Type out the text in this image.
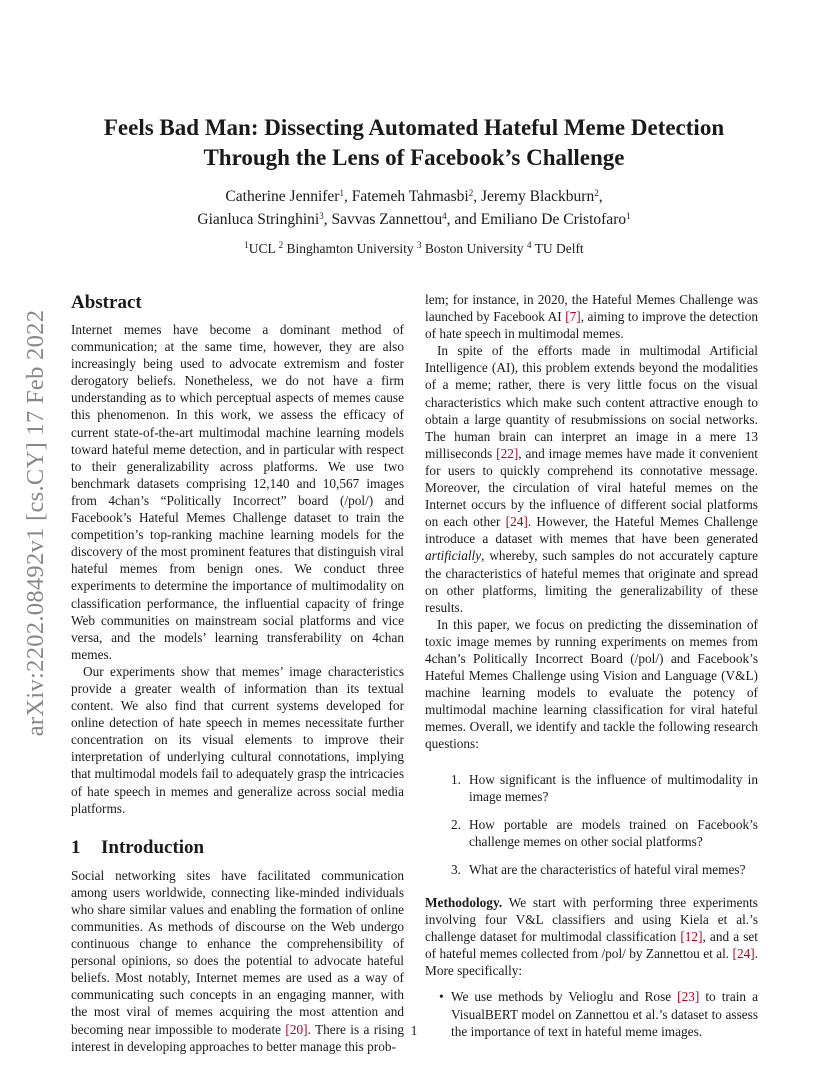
arXiv:2202.08492v1 [cs.CY] 17 Feb 2022
Feels Bad Man: Dissecting Automated Hateful Meme Detection
Through the Lens of Facebook’s Challenge
Catherine Jennifer$^1$, Fatemeh Tahmasbi$^2$, Jeremy Blackburn$^2$,
Gianluca Stringhini$^3$, Savvas Zannettou$^4$, and Emiliano De Cristofaro$^1$
$^1$UCL $^2$ Binghamton University $^3$ Boston University $^4$ TU Delft
Abstract

Internet memes have become a dominant method of communication; at the same time, however, they are also increasingly being used to advocate extremism and foster derogatory beliefs. Nonetheless, we do not have a firm understanding as to which perceptual aspects of memes cause this phenomenon. In this work, we assess the efficacy of current state-of-the-art multimodal machine learning models toward hateful meme detection, and in particular with respect to their generalizability across platforms. We use two benchmark datasets comprising 12,140 and 10,567 images from 4chan’s “Politically Incorrect” board (/pol/) and Facebook’s Hateful Memes Challenge dataset to train the competition’s top-ranking machine learning models for the discovery of the most prominent features that distinguish viral hateful memes from benign ones. We conduct three experiments to determine the importance of multimodality on classification performance, the influential capacity of fringe Web communities on mainstream social platforms and vice versa, and the models’ learning transferability on 4chan memes.

Our experiments show that memes’ image characteristics provide a greater wealth of information than its textual content. We also find that current systems developed for online detection of hate speech in memes necessitate further concentration on its visual elements to improve their interpretation of underlying cultural connotations, implying that multimodal models fail to adequately grasp the intricacies of hate speech in memes and generalize across social media platforms.

1 Introduction

Social networking sites have facilitated communication among users worldwide, connecting like-minded individuals who share similar values and enabling the formation of online communities. As methods of discourse on the Web undergo continuous change to enhance the comprehensibility of personal opinions, so does the potential to advocate hateful beliefs. Most notably, Internet memes are used as a way of communicating such concepts in an engaging manner, with the most viral of memes acquiring the most attention and becoming near impossible to moderate [20]. There is a rising interest in developing approaches to better manage this prob-

lem; for instance, in 2020, the Hateful Memes Challenge was launched by Facebook AI [7], aiming to improve the detection of hate speech in multimodal memes.

In spite of the efforts made in multimodal Artificial Intelligence (AI), this problem extends beyond the modalities of a meme; rather, there is very little focus on the visual characteristics which make such content attractive enough to obtain a large quantity of resubmissions on social networks. The human brain can interpret an image in a mere 13 milliseconds [22], and image memes have made it convenient for users to quickly comprehend its connotative message. Moreover, the circulation of viral hateful memes on the Internet occurs by the influence of different social platforms on each other [24]. However, the Hateful Memes Challenge introduce a dataset with memes that have been generated artificially, whereby, such samples do not accurately capture the characteristics of hateful memes that originate and spread on other platforms, limiting the generalizability of these results.

In this paper, we focus on predicting the dissemination of toxic image memes by running experiments on memes from 4chan’s Politically Incorrect Board (/pol/) and Facebook’s Hateful Memes Challenge using Vision and Language (V&L) machine learning models to evaluate the potency of multimodal machine learning classification for viral hateful memes. Overall, we identify and tackle the following research questions:

1. How significant is the influence of multimodality in image memes?
2. How portable are models trained on Facebook’s challenge memes on other social platforms?
3. What are the characteristics of hateful viral memes?

Methodology. We start with performing three experiments involving four V&L classifiers and using Kiela et al.’s challenge dataset for multimodal classification [12], and a set of hateful memes collected from /pol/ by Zannettou et al. [24]. More specifically:

• We use methods by Velioglu and Rose [23] to train a VisualBERT model on Zannettou et al.’s dataset to assess the importance of text in hateful meme images.
1
